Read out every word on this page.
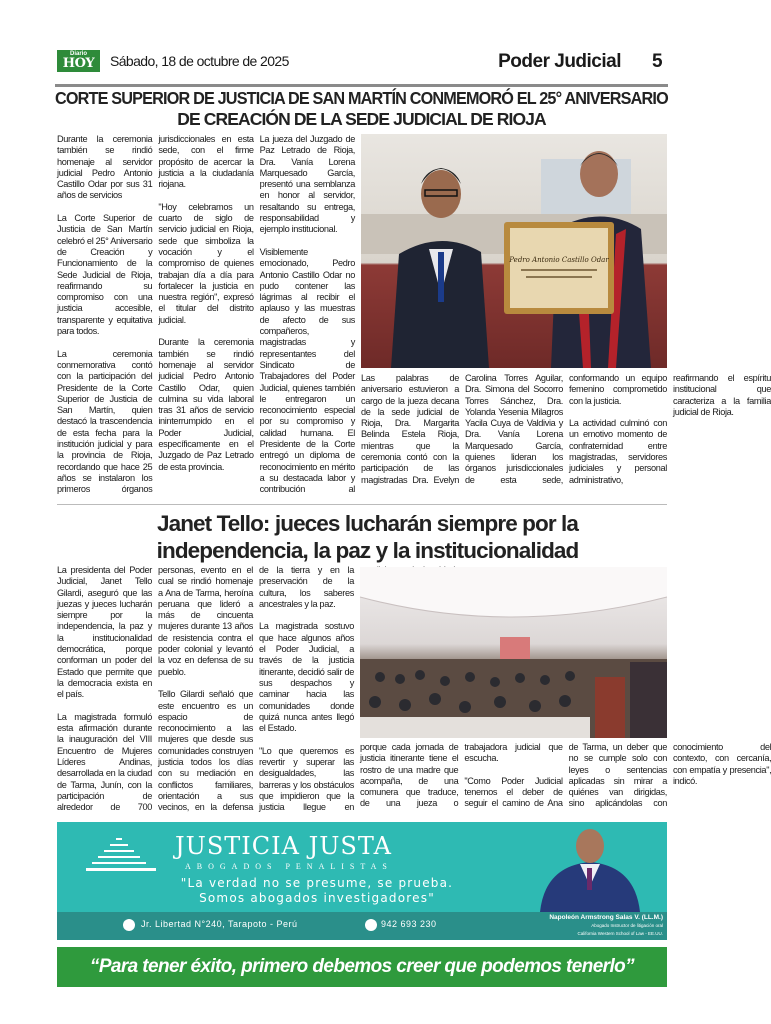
Diario
HOY	Sábado, 18 de octubre de 2025	Poder Judicial 5
CORTE SUPERIOR DE JUSTICIA DE SAN MARTÍN CONMEMORÓ EL 25° ANIVERSARIO
DE CREACIÓN DE LA SEDE JUDICIAL DE RIOJA

Durante la ceremonia también se rindió homenaje al servidor judicial Pedro Antonio Castillo Odar por sus 31 años de servicios

La Corte Superior de Justicia de San Martín celebró el 25° Aniversario de Creación y Funcionamiento de la Sede Judicial de Rioja, reafirmando su compromiso con una justicia accesible, transparente y equitativa para todos.

La ceremonia conmemorativa contó con la participación del Presidente de la Corte Superior de Justicia de San Martín, quien destacó la trascendencia de esta fecha para la institución judicial y para la provincia de Rioja, recordando que hace 25 años se instalaron los primeros órganos jurisdiccionales en esta sede, con el firme propósito de acercar la justicia a la ciudadanía riojana.

"Hoy celebramos un cuarto de siglo de servicio judicial en Rioja, sede que simboliza la vocación y el compromiso de quienes trabajan día a día para fortalecer la justicia en nuestra región", expresó el titular del distrito judicial.

Durante la ceremonia también se rindió homenaje al servidor judicial Pedro Antonio Castillo Odar, quien culmina su vida laboral tras 31 años de servicio ininterrumpido en el Poder Judicial, específicamente en el Juzgado de Paz Letrado de esta provincia.

La jueza del Juzgado de Paz Letrado de Rioja, Dra. Vanía Lorena Marquesado García, presentó una semblanza en honor al servidor, resaltando su entrega, responsabilidad y ejemplo institucional.

Visiblemente emocionado, Pedro Antonio Castillo Odar no pudo contener las lágrimas al recibir el aplauso y las muestras de afecto de sus compañeros, magistradas y representantes del Sindicato de Trabajadores del Poder Judicial, quienes también le entregaron un reconocimiento especial por su compromiso y calidad humana. El Presidente de la Corte entregó un diploma de reconocimiento en mérito a su destacada labor y contribución al

Pedro Antonio Castillo Odar

Las palabras de aniversario estuvieron a cargo de la jueza decana de la sede judicial de Rioja, Dra. Margarita Belinda Estela Rioja, mientras que la ceremonia contó con la participación de las magistradas Dra. Evelyn Carolina Torres Aguilar, Dra. Simona del Socorro Torres Sánchez, Dra. Yolanda Yesenia Milagros Yacila Cuya de Valdivia y Dra. Vanía Lorena Marquesado García, quienes lideran los órganos jurisdiccionales de esta sede, conformando un equipo femenino comprometido con la justicia.

La actividad culminó con un emotivo momento de confraternidad entre magistradas, servidores judiciales y personal administrativo, reafirmando el espíritu institucional que caracteriza a la familia judicial de Rioja.

Janet Tello: jueces lucharán siempre por la
independencia, la paz y la institucionalidad

La presidenta del Poder Judicial, Janet Tello Gilardi, aseguró que las juezas y jueces lucharán siempre por la independencia, la paz y la institucionalidad democrática, porque conforman un poder del Estado que permite que la democracia exista en el país.

La magistrada formuló esta afirmación durante la inauguración del VIII Encuentro de Mujeres Líderes Andinas, desarrollada en la ciudad de Tarma, Junín, con la participación de alrededor de 700 personas, evento en el cual se rindió homenaje a Ana de Tarma, heroína peruana que lideró a más de cincuenta mujeres durante 13 años de resistencia contra el poder colonial y levantó la voz en defensa de su pueblo.

Tello Gilardi señaló que este encuentro es un espacio de reconocimiento a las mujeres que desde sus comunidades construyen justicia todos los días con su mediación en conflictos familiares, orientación a sus vecinos, en la defensa de la tierra y en la preservación de la cultura, los saberes ancestrales y la paz.

La magistrada sostuvo que hace algunos años el Poder Judicial, a través de la justicia itinerante, decidió salir de sus despachos y caminar hacia las comunidades donde quizá nunca antes llegó el Estado.

"Lo que queremos es revertir y superar las desigualdades, las barreras y los obstáculos que impidieron que la justicia llegue en

porque cada jornada de justicia itinerante tiene el rostro de una madre que acompaña, de una comunera que traduce, de una jueza o trabajadora judicial que escucha.

"Como Poder Judicial tenemos el deber de seguir el camino de Ana de Tarma, un deber que no se cumple solo con leyes o sentencias aplicadas sin mirar a quiénes van dirigidas, sino aplicándolas con conocimiento del contexto, con cercanía, con empatía y presencia", indicó.

JUSTICIA JUSTA
ABOGADOS PENALISTAS
"La verdad no se presume, se prueba.
Somos abogados investigadores"
Jr. Libertad N°240, Tarapoto - Perú	942 693 230
Napoleón Armstrong Salas V. (LL.M.)
Abogado Instructor de litigación oral
California Western School of Law - EE.UU.
“Para tener éxito, primero debemos creer que podemos tenerlo”
